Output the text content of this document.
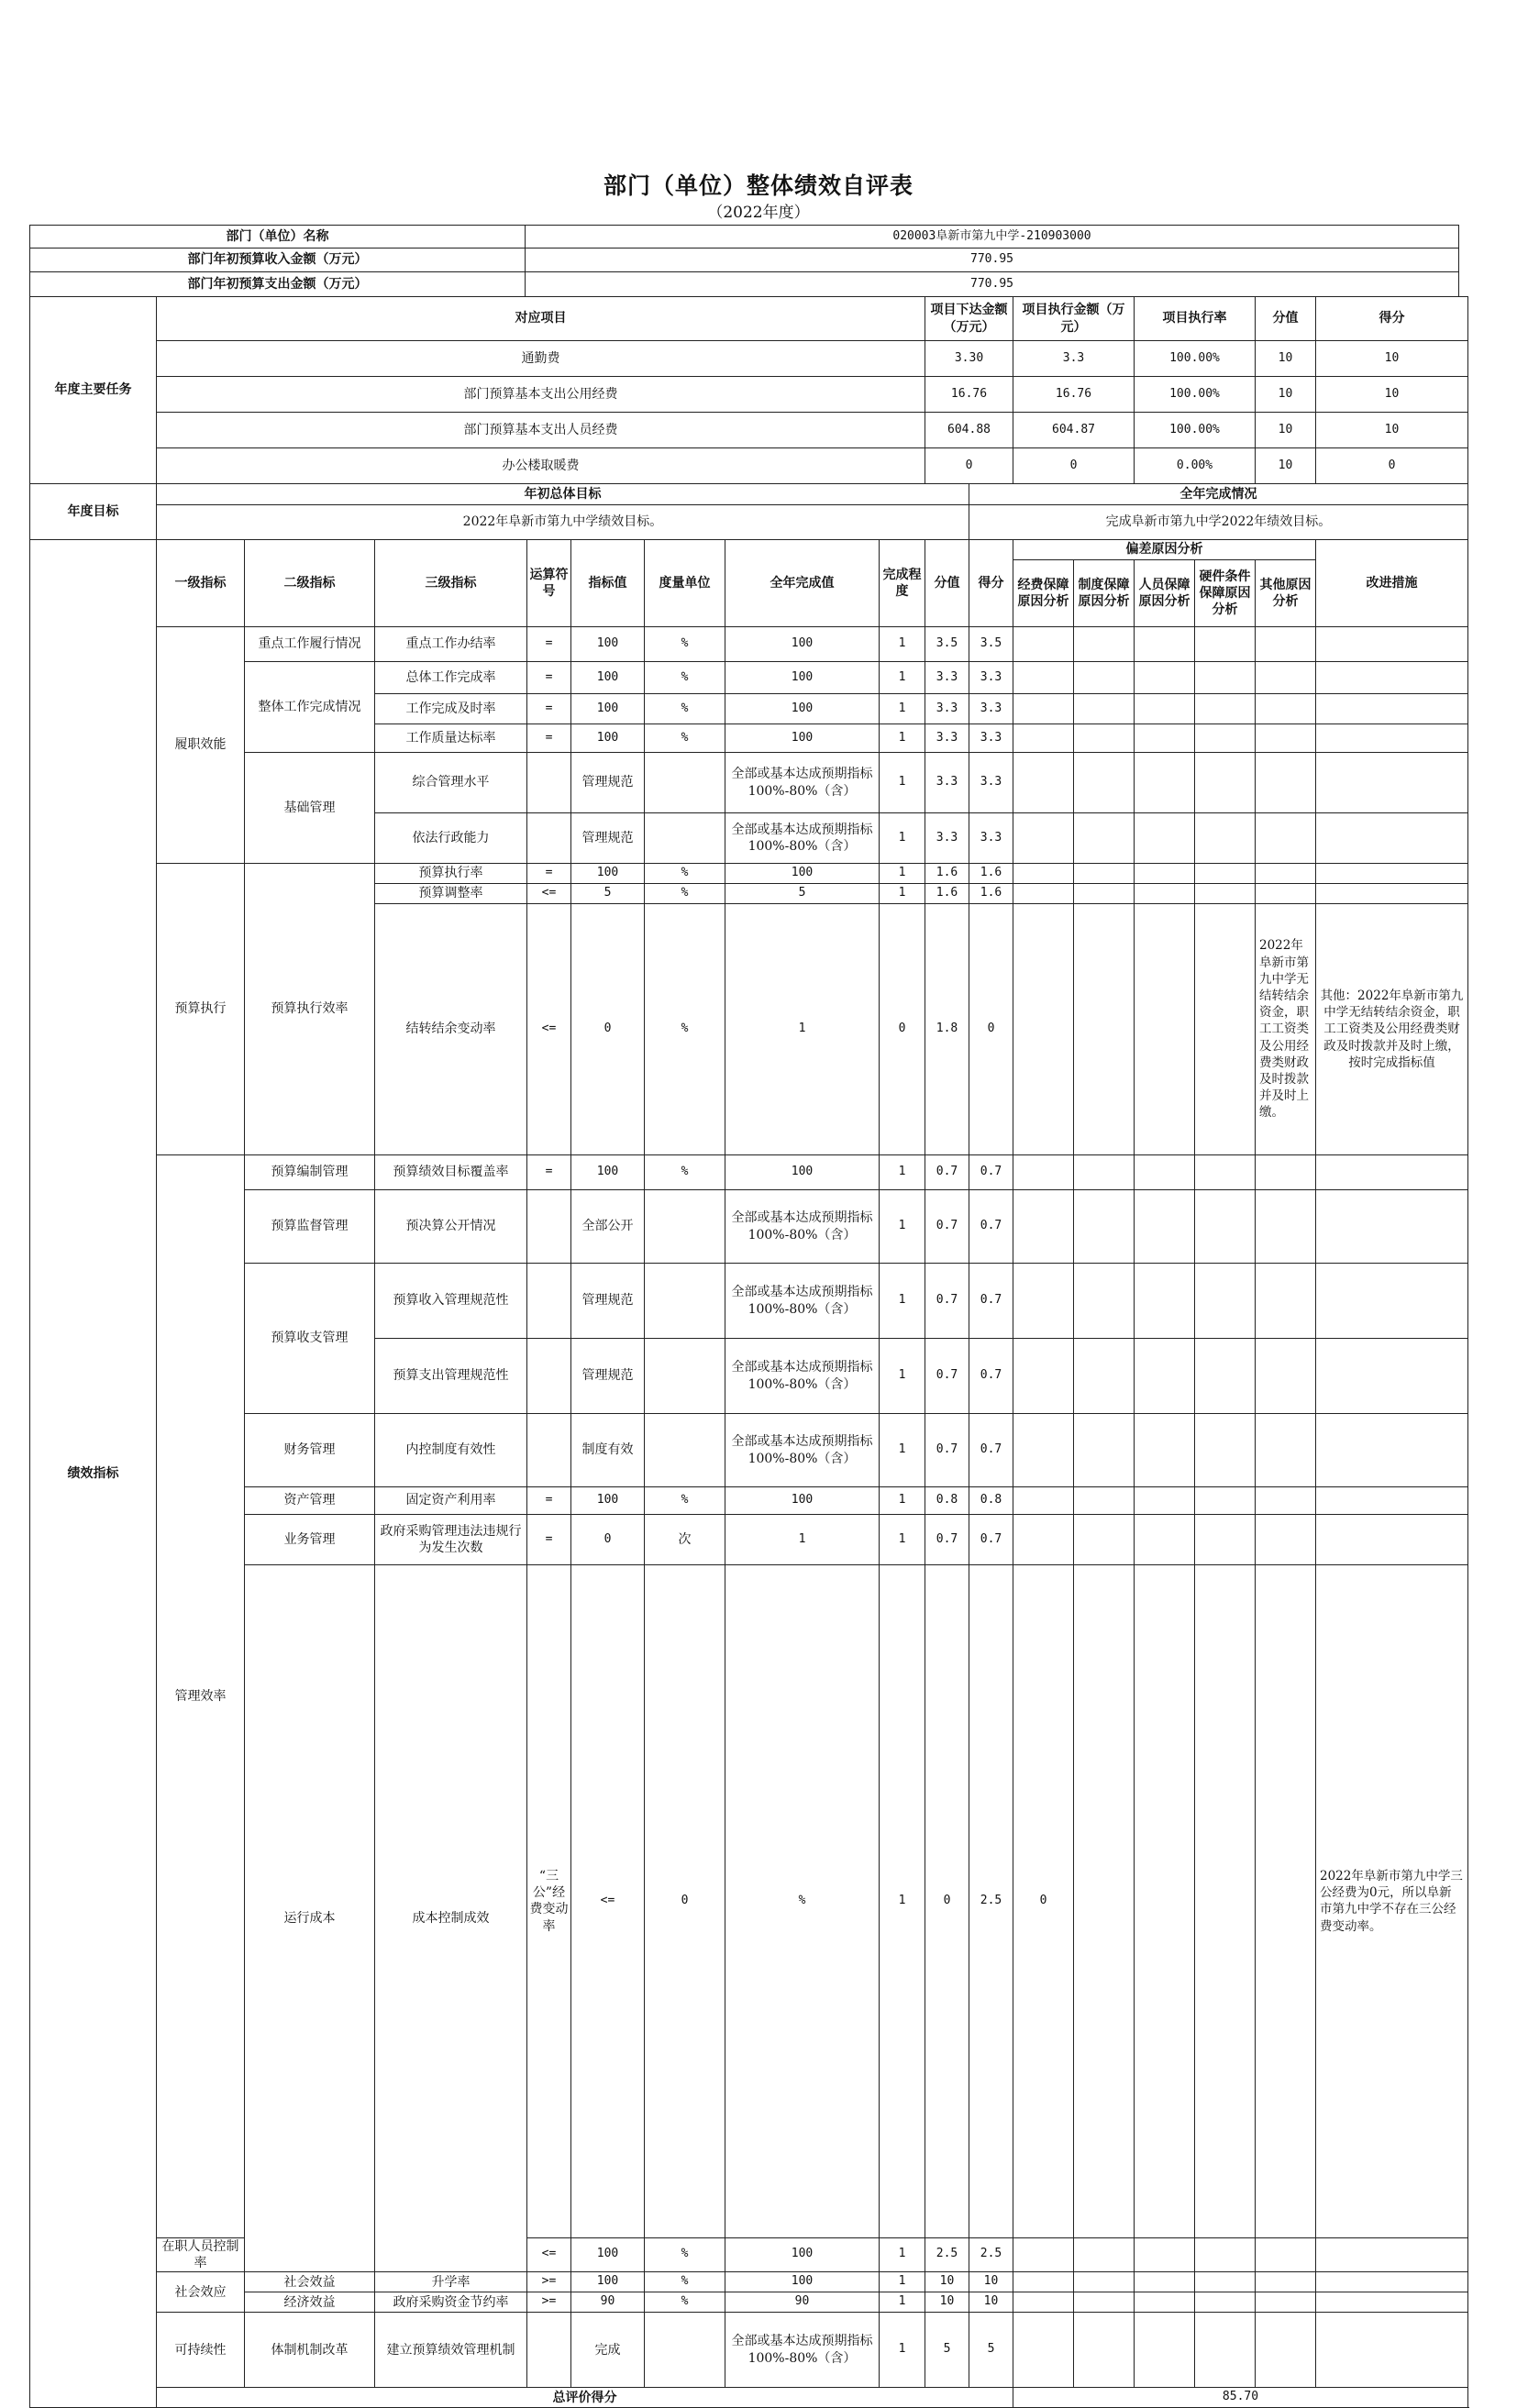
部门（单位）整体绩效自评表
（2022年度）
部门（单位）名称	020003阜新市第九中学-210903000
部门年初预算收入金额（万元）	770.95
部门年初预算支出金额（万元）	770.95
年度主要任务	对应项目								项目下达金额（万元）		项目执行金额（万元）		项目执行率		分值	得分	
	通勤费								3.30		3.3		100.00%		10	10	
	部门预算基本支出公用经费								16.76		16.76		100.00%		10	10	
	部门预算基本支出人员经费								604.88		604.87		100.00%		10	10	
	办公楼取暖费								0		0		0.00%		10	0	
年度目标	年初总体目标									全年完成情况							
	2022年阜新市第九中学绩效目标。									完成阜新市第九中学2022年绩效目标。							
绩效指标	一级指标	二级指标	三级指标	运算符号	指标值	度量单位	全年完成值	完成程度	分值	得分	偏差原因分析					改进措施	
											经费保障原因分析	制度保障原因分析	人员保障原因分析	硬件条件保障原因分析	其他原因分析		
	履职效能	重点工作履行情况	重点工作办结率	=	100	%	100	1	3.5	3.5							
		整体工作完成情况	总体工作完成率	=	100	%	100	1	3.3	3.3							
			工作完成及时率	=	100	%	100	1	3.3	3.3							
			工作质量达标率	=	100	%	100	1	3.3	3.3							
		基础管理	综合管理水平		管理规范		全部或基本达成预期指标100%-80%（含）	1	3.3	3.3							
			依法行政能力		管理规范		全部或基本达成预期指标100%-80%（含）	1	3.3	3.3							
	预算执行	预算执行效率	预算执行率	=	100	%	100	1	1.6	1.6							
			预算调整率	<=	5	%	5	1	1.6	1.6							
			结转结余变动率	<=	0	%	1	0	1.8	0					2022年阜新市第九中学无结转结余资金，职工工资类及公用经费类财政及时拨款并及时上缴。	其他：2022年阜新市第九中学无结转结余资金，职工工资类及公用经费类财政及时拨款并及时上缴，按时完成指标值	
	管理效率	预算编制管理	预算绩效目标覆盖率	=	100	%	100	1	0.7	0.7							
		预算监督管理	预决算公开情况		全部公开		全部或基本达成预期指标100%-80%（含）	1	0.7	0.7							
		预算收支管理	预算收入管理规范性		管理规范		全部或基本达成预期指标100%-80%（含）	1	0.7	0.7							
			预算支出管理规范性		管理规范		全部或基本达成预期指标100%-80%（含）	1	0.7	0.7							
		财务管理	内控制度有效性		制度有效		全部或基本达成预期指标100%-80%（含）	1	0.7	0.7							
		资产管理	固定资产利用率	=	100	%	100	1	0.8	0.8							
		业务管理	政府采购管理违法违规行为发生次数	=	0	次	1	1	0.7	0.7							
		运行成本	成本控制成效	“三公”经费变动率	<=	0	%	1	0	2.5	0					2022年阜新市第九中学三公经费为0元，所以阜新市第九中学不存在三公经费变动率。	
	在职人员控制率			<=	100	%	100	1	2.5	2.5							
	社会效应	社会效益	升学率	>=	100	%	100	1	10	10							
		经济效益	政府采购资金节约率	>=	90	%	90	1	10	10							
	可持续性	体制机制改革	建立预算绩效管理机制		完成		全部或基本达成预期指标100%-80%（含）	1	5	5							
	总评价得分										85.70						
